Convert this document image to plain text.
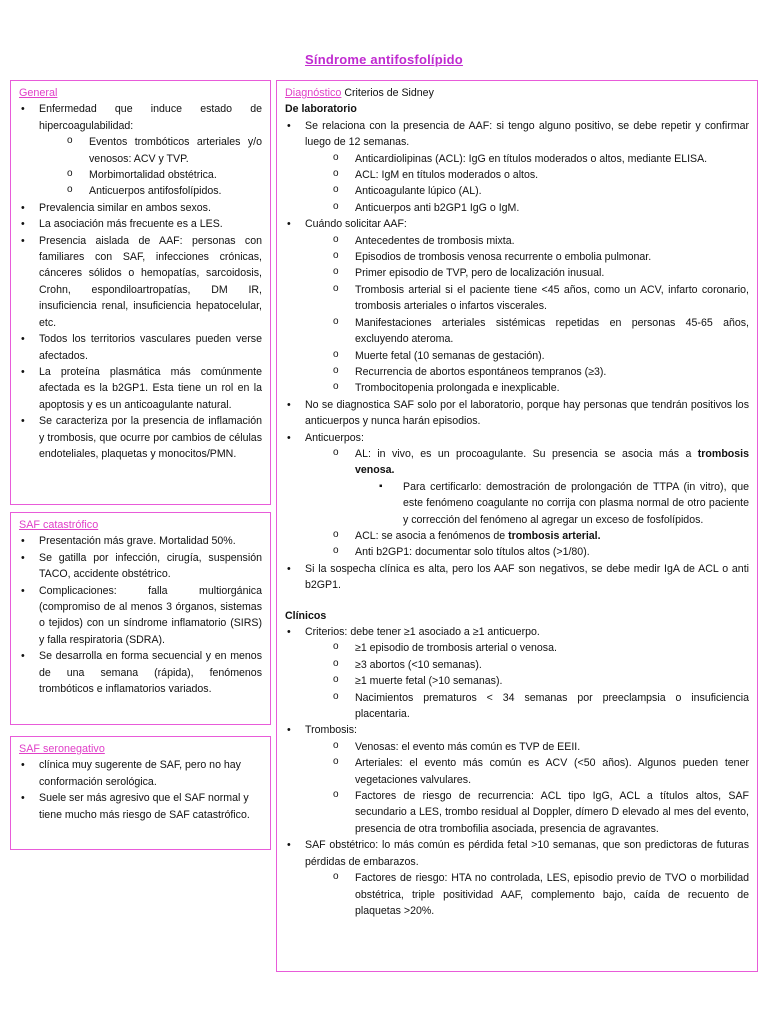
Síndrome antifosfolípido
General
• Enfermedad que induce estado de hipercoagulabilidad:
o Eventos trombóticos arteriales y/o venosos: ACV y TVP.
o Morbimortalidad obstétrica.
o Anticuerpos antifosfolípidos.
• Prevalencia similar en ambos sexos.
• La asociación más frecuente es a LES.
• Presencia aislada de AAF: personas con familiares con SAF, infecciones crónicas, cánceres sólidos o hemopatías, sarcoidosis, Crohn, espondiloartropatías, DM IR, insuficiencia renal, insuficiencia hepatocelular, etc.
• Todos los territorios vasculares pueden verse afectados.
• La proteína plasmática más comúnmente afectada es la b2GP1. Esta tiene un rol en la apoptosis y es un anticoagulante natural.
• Se caracteriza por la presencia de inflamación y trombosis, que ocurre por cambios de células endoteliales, plaquetas y monocitos/PMN.
SAF catastrófico
• Presentación más grave. Mortalidad 50%.
• Se gatilla por infección, cirugía, suspensión TACO, accidente obstétrico.
• Complicaciones: falla multiorgánica (compromiso de al menos 3 órganos, sistemas o tejidos) con un síndrome inflamatorio (SIRS) y falla respiratoria (SDRA).
• Se desarrolla en forma secuencial y en menos de una semana (rápida), fenómenos trombóticos e inflamatorios variados.
SAF seronegativo
• clínica muy sugerente de SAF, pero no hay conformación serológica.
• Suele ser más agresivo que el SAF normal y tiene mucho más riesgo de SAF catastrófico.
Diagnóstico Criterios de Sidney
De laboratorio
• Se relaciona con la presencia de AAF: si tengo alguno positivo, se debe repetir y confirmar luego de 12 semanas.
o Anticardiolipinas (ACL): IgG en títulos moderados o altos, mediante ELISA.
o ACL: IgM en títulos moderados o altos.
o Anticoagulante lúpico (AL).
o Anticuerpos anti b2GP1 IgG o IgM.
• Cuándo solicitar AAF:
o Antecedentes de trombosis mixta.
o Episodios de trombosis venosa recurrente o embolia pulmonar.
o Primer episodio de TVP, pero de localización inusual.
o Trombosis arterial si el paciente tiene <45 años, como un ACV, infarto coronario, trombosis arteriales o infartos viscerales.
o Manifestaciones arteriales sistémicas repetidas en personas 45-65 años, excluyendo ateroma.
o Muerte fetal (10 semanas de gestación).
o Recurrencia de abortos espontáneos tempranos (≥3).
o Trombocitopenia prolongada e inexplicable.
• No se diagnostica SAF solo por el laboratorio, porque hay personas que tendrán positivos los anticuerpos y nunca harán episodios.
• Anticuerpos:
o AL: in vivo, es un procoagulante. Su presencia se asocia más a trombosis venosa.
▪ Para certificarlo: demostración de prolongación de TTPA (in vitro), que este fenómeno coagulante no corrija con plasma normal de otro paciente y corrección del fenómeno al agregar un exceso de fosfolípidos.
o ACL: se asocia a fenómenos de trombosis arterial.
o Anti b2GP1: documentar solo títulos altos (>1/80).
• Si la sospecha clínica es alta, pero los AAF son negativos, se debe medir IgA de ACL o anti b2GP1.
Clínicos
• Criterios: debe tener ≥1 asociado a ≥1 anticuerpo.
o ≥1 episodio de trombosis arterial o venosa.
o ≥3 abortos (<10 semanas).
o ≥1 muerte fetal (>10 semanas).
o Nacimientos prematuros < 34 semanas por preeclampsia o insuficiencia placentaria.
• Trombosis:
o Venosas: el evento más común es TVP de EEII.
o Arteriales: el evento más común es ACV (<50 años). Algunos pueden tener vegetaciones valvulares.
o Factores de riesgo de recurrencia: ACL tipo IgG, ACL a títulos altos, SAF secundario a LES, trombo residual al Doppler, dímero D elevado al mes del evento, presencia de otra trombofilia asociada, presencia de agravantes.
• SAF obstétrico: lo más común es pérdida fetal >10 semanas, que son predictoras de futuras pérdidas de embarazos.
o Factores de riesgo: HTA no controlada, LES, episodio previo de TVO o morbilidad obstétrica, triple positividad AAF, complemento bajo, caída de recuento de plaquetas >20%.
